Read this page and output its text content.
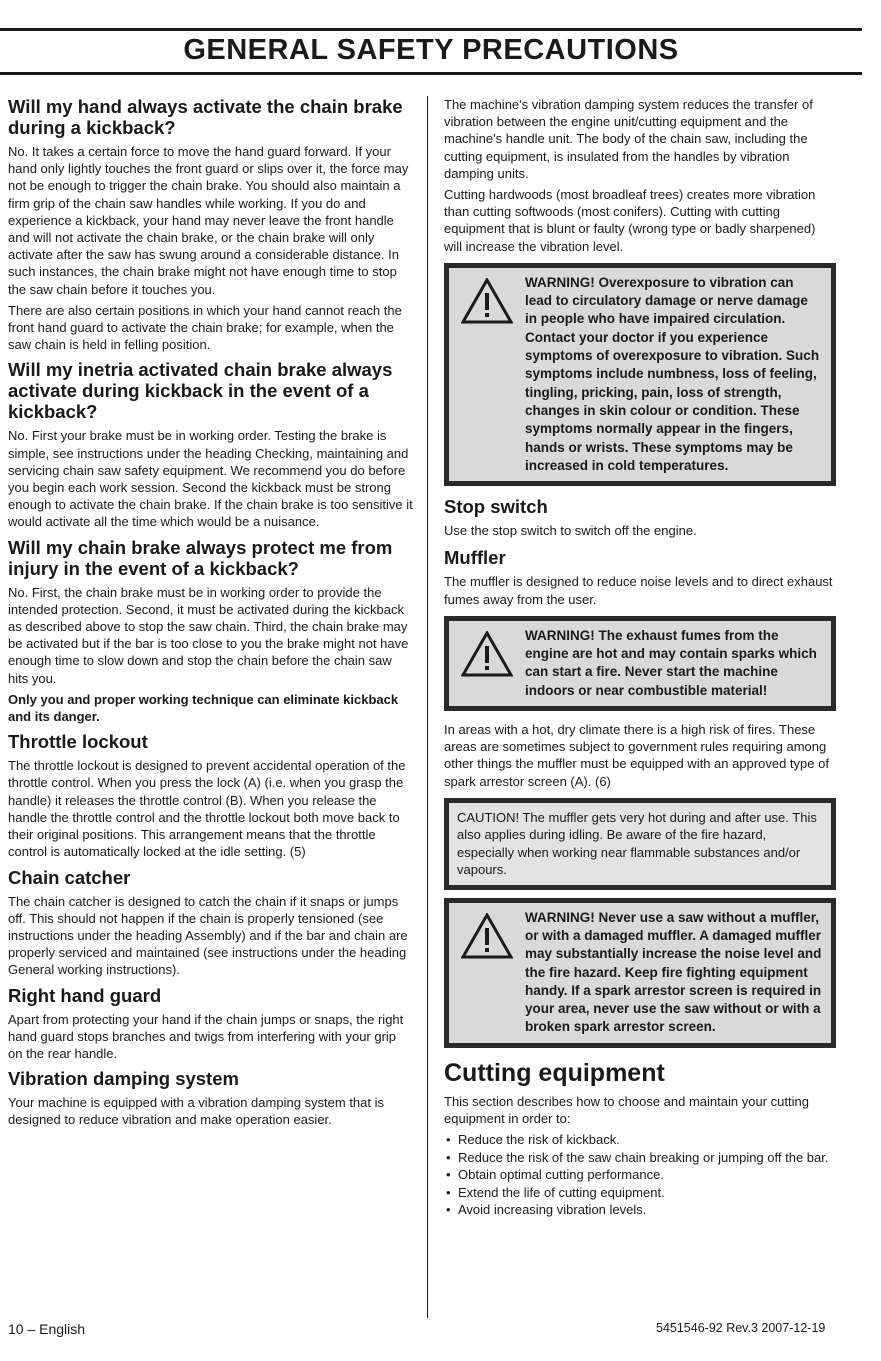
GENERAL SAFETY PRECAUTIONS
Will my hand always activate the chain brake during a kickback?

No. It takes a certain force to move the hand guard forward. If your hand only lightly touches the front guard or slips over it, the force may not be enough to trigger the chain brake. You should also maintain a firm grip of the chain saw handles while working. If you do and experience a kickback, your hand may never leave the front handle and will not activate the chain brake, or the chain brake will only activate after the saw has swung around a considerable distance. In such instances, the chain brake might not have enough time to stop the saw chain before it touches you.

There are also certain positions in which your hand cannot reach the front hand guard to activate the chain brake; for example, when the saw chain is held in felling position.

Will my inetria activated chain brake always activate during kickback in the event of a kickback?

No. First your brake must be in working order. Testing the brake is simple, see instructions under the heading Checking, maintaining and servicing chain saw safety equipment. We recommend you do before you begin each work session. Second the kickback must be strong enough to activate the chain brake. If the chain brake is too sensitive it would activate all the time which would be a nuisance.

Will my chain brake always protect me from injury in the event of a kickback?

No. First, the chain brake must be in working order to provide the intended protection. Second, it must be activated during the kickback as described above to stop the saw chain. Third, the chain brake may be activated but if the bar is too close to you the brake might not have enough time to slow down and stop the chain before the chain saw hits you.

Only you and proper working technique can eliminate kickback and its danger.

Throttle lockout

The throttle lockout is designed to prevent accidental operation of the throttle control. When you press the lock (A) (i.e. when you grasp the handle) it releases the throttle control (B). When you release the handle the throttle control and the throttle lockout both move back to their original positions. This arrangement means that the throttle control is automatically locked at the idle setting. (5)

Chain catcher

The chain catcher is designed to catch the chain if it snaps or jumps off. This should not happen if the chain is properly tensioned (see instructions under the heading Assembly) and if the bar and chain are properly serviced and maintained (see instructions under the heading General working instructions).

Right hand guard

Apart from protecting your hand if the chain jumps or snaps, the right hand guard stops branches and twigs from interfering with your grip on the rear handle.

Vibration damping system

Your machine is equipped with a vibration damping system that is designed to reduce vibration and make operation easier.

The machine's vibration damping system reduces the transfer of vibration between the engine unit/cutting equipment and the machine's handle unit. The body of the chain saw, including the cutting equipment, is insulated from the handles by vibration damping units.

Cutting hardwoods (most broadleaf trees) creates more vibration than cutting softwoods (most conifers). Cutting with cutting equipment that is blunt or faulty (wrong type or badly sharpened) will increase the vibration level.

WARNING! Overexposure to vibration can lead to circulatory damage or nerve damage in people who have impaired circulation. Contact your doctor if you experience symptoms of overexposure to vibration. Such symptoms include numbness, loss of feeling, tingling, pricking, pain, loss of strength, changes in skin colour or condition. These symptoms normally appear in the fingers, hands or wrists. These symptoms may be increased in cold temperatures.
Stop switch

Use the stop switch to switch off the engine.

Muffler

The muffler is designed to reduce noise levels and to direct exhaust fumes away from the user.

WARNING! The exhaust fumes from the engine are hot and may contain sparks which can start a fire. Never start the machine indoors or near combustible material!

In areas with a hot, dry climate there is a high risk of fires. These areas are sometimes subject to government rules requiring among other things the muffler must be equipped with an approved type of spark arrestor screen (A). (6)

CAUTION! The muffler gets very hot during and after use. This also applies during idling. Be aware of the fire hazard, especially when working near flammable substances and/or vapours.

WARNING! Never use a saw without a muffler, or with a damaged muffler. A damaged muffler may substantially increase the noise level and the fire hazard. Keep fire fighting equipment handy. If a spark arrestor screen is required in your area, never use the saw without or with a broken spark arrestor screen.
Cutting equipment

This section describes how to choose and maintain your cutting equipment in order to:

• Reduce the risk of kickback.
• Reduce the risk of the saw chain breaking or jumping off the bar.
• Obtain optimal cutting performance.
• Extend the life of cutting equipment.
• Avoid increasing vibration levels.
10 – English	5451546-92 Rev.3 2007-12-19
